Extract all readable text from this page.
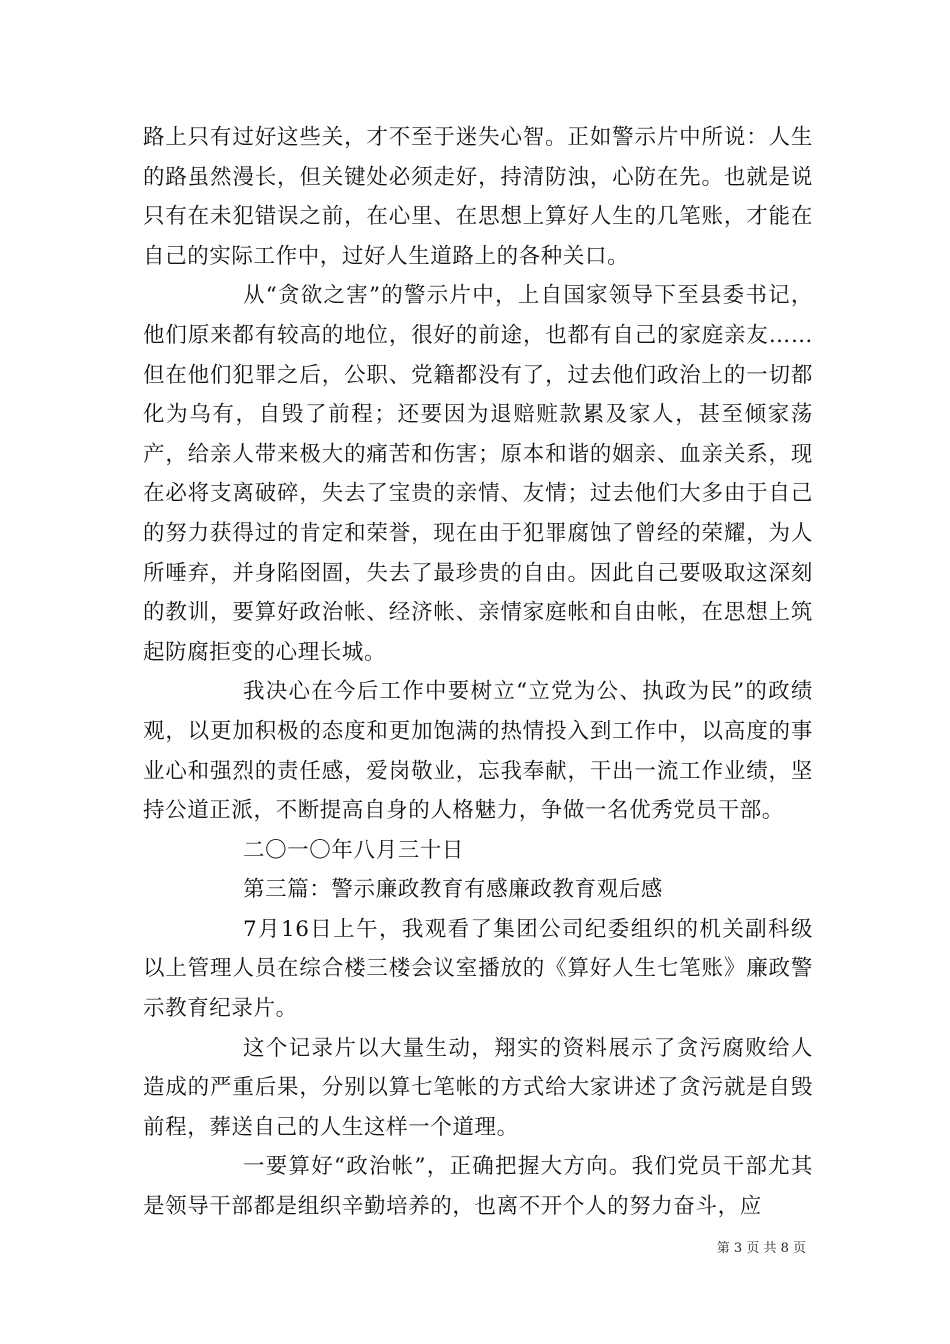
路上只有过好这些关，才不至于迷失心智。正如警示片中所说：人生的路虽然漫长，但关键处必须走好，持清防浊，心防在先。也就是说只有在未犯错误之前，在心里、在思想上算好人生的几笔账，才能在自己的实际工作中，过好人生道路上的各种关口。

从“贪欲之害”的警示片中，上自国家领导下至县委书记，他们原来都有较高的地位，很好的前途，也都有自己的家庭亲友……但在他们犯罪之后，公职、党籍都没有了，过去他们政治上的一切都化为乌有，自毁了前程；还要因为退赔赃款累及家人，甚至倾家荡产，给亲人带来极大的痛苦和伤害；原本和谐的姻亲、血亲关系，现在必将支离破碎，失去了宝贵的亲情、友情；过去他们大多由于自己的努力获得过的肯定和荣誉，现在由于犯罪腐蚀了曾经的荣耀，为人所唾弃，并身陷囹圄，失去了最珍贵的自由。因此自己要吸取这深刻的教训，要算好政治帐、经济帐、亲情家庭帐和自由帐，在思想上筑起防腐拒变的心理长城。

我决心在今后工作中要树立“立党为公、执政为民”的政绩观，以更加积极的态度和更加饱满的热情投入到工作中，以高度的事业心和强烈的责任感，爱岗敬业，忘我奉献，干出一流工作业绩，坚持公道正派，不断提高自身的人格魅力，争做一名优秀党员干部。

二〇一〇年八月三十日

第三篇：警示廉政教育有感廉政教育观后感

7月16日上午，我观看了集团公司纪委组织的机关副科级以上管理人员在综合楼三楼会议室播放的《算好人生七笔账》廉政警示教育纪录片。

这个记录片以大量生动，翔实的资料展示了贪污腐败给人造成的严重后果，分别以算七笔帐的方式给大家讲述了贪污就是自毁前程，葬送自己的人生这样一个道理。

一要算好“政治帐”，正确把握大方向。我们党员干部尤其是领导干部都是组织辛勤培养的，也离不开个人的努力奋斗，应

第 3 页 共 8 页
